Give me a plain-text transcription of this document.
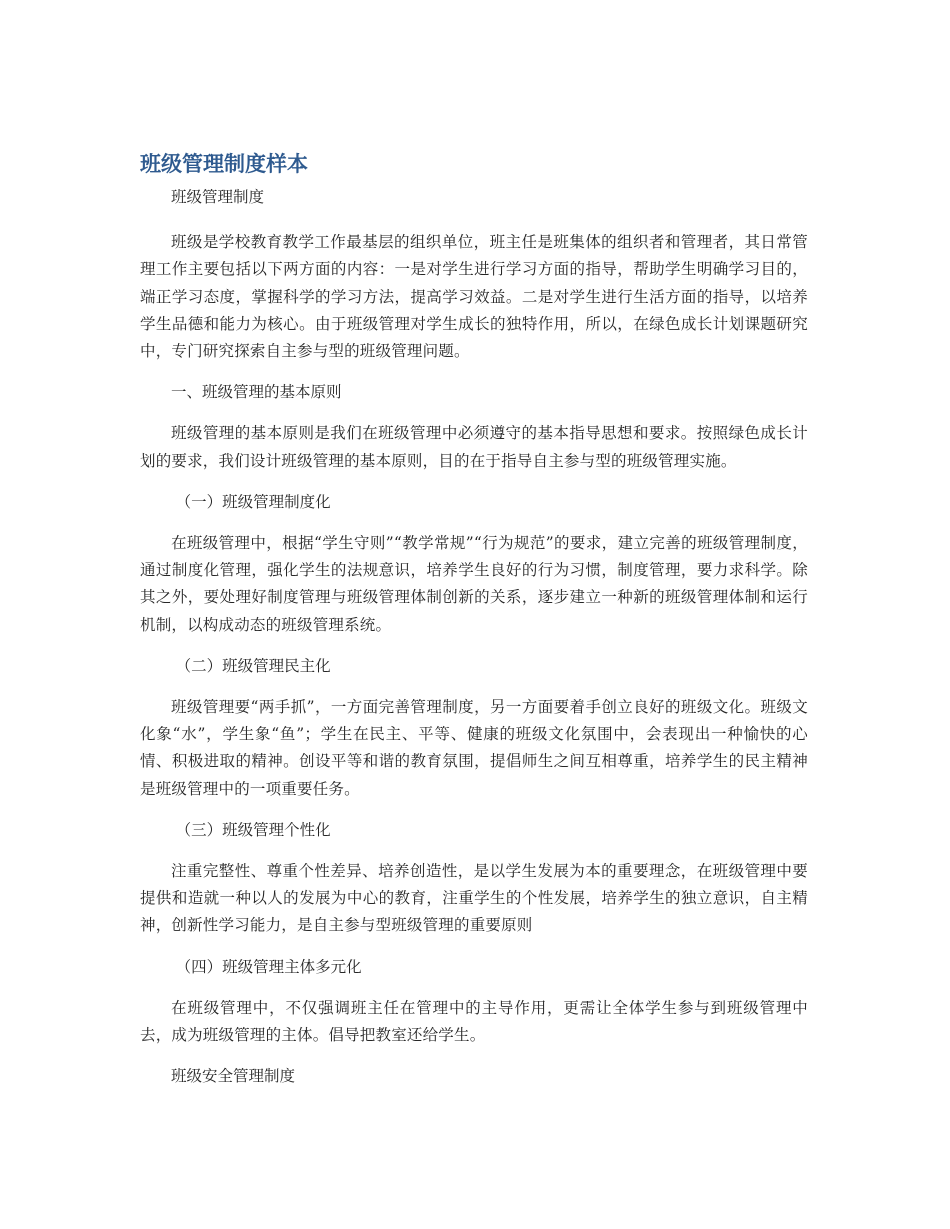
班级管理制度样本

班级管理制度

班级是学校教育教学工作最基层的组织单位，班主任是班集体的组织者和管理者，其日常管理工作主要包括以下两方面的内容：一是对学生进行学习方面的指导，帮助学生明确学习目的，端正学习态度，掌握科学的学习方法，提高学习效益。二是对学生进行生活方面的指导，以培养学生品德和能力为核心。由于班级管理对学生成长的独特作用，所以，在绿色成长计划课题研究中，专门研究探索自主参与型的班级管理问题。

一、班级管理的基本原则

班级管理的基本原则是我们在班级管理中必须遵守的基本指导思想和要求。按照绿色成长计划的要求，我们设计班级管理的基本原则，目的在于指导自主参与型的班级管理实施。

（一）班级管理制度化

在班级管理中，根据“学生守则”“教学常规”“行为规范”的要求，建立完善的班级管理制度，通过制度化管理，强化学生的法规意识，培养学生良好的行为习惯，制度管理，要力求科学。除其之外，要处理好制度管理与班级管理体制创新的关系，逐步建立一种新的班级管理体制和运行机制，以构成动态的班级管理系统。

（二）班级管理民主化

班级管理要“两手抓”，一方面完善管理制度，另一方面要着手创立良好的班级文化。班级文化象“水”，学生象“鱼”；学生在民主、平等、健康的班级文化氛围中，会表现出一种愉快的心情、积极进取的精神。创设平等和谐的教育氛围，提倡师生之间互相尊重，培养学生的民主精神是班级管理中的一项重要任务。

（三）班级管理个性化

注重完整性、尊重个性差异、培养创造性，是以学生发展为本的重要理念，在班级管理中要提供和造就一种以人的发展为中心的教育，注重学生的个性发展，培养学生的独立意识，自主精神，创新性学习能力，是自主参与型班级管理的重要原则

（四）班级管理主体多元化

在班级管理中，不仅强调班主任在管理中的主导作用，更需让全体学生参与到班级管理中去，成为班级管理的主体。倡导把教室还给学生。

班级安全管理制度
